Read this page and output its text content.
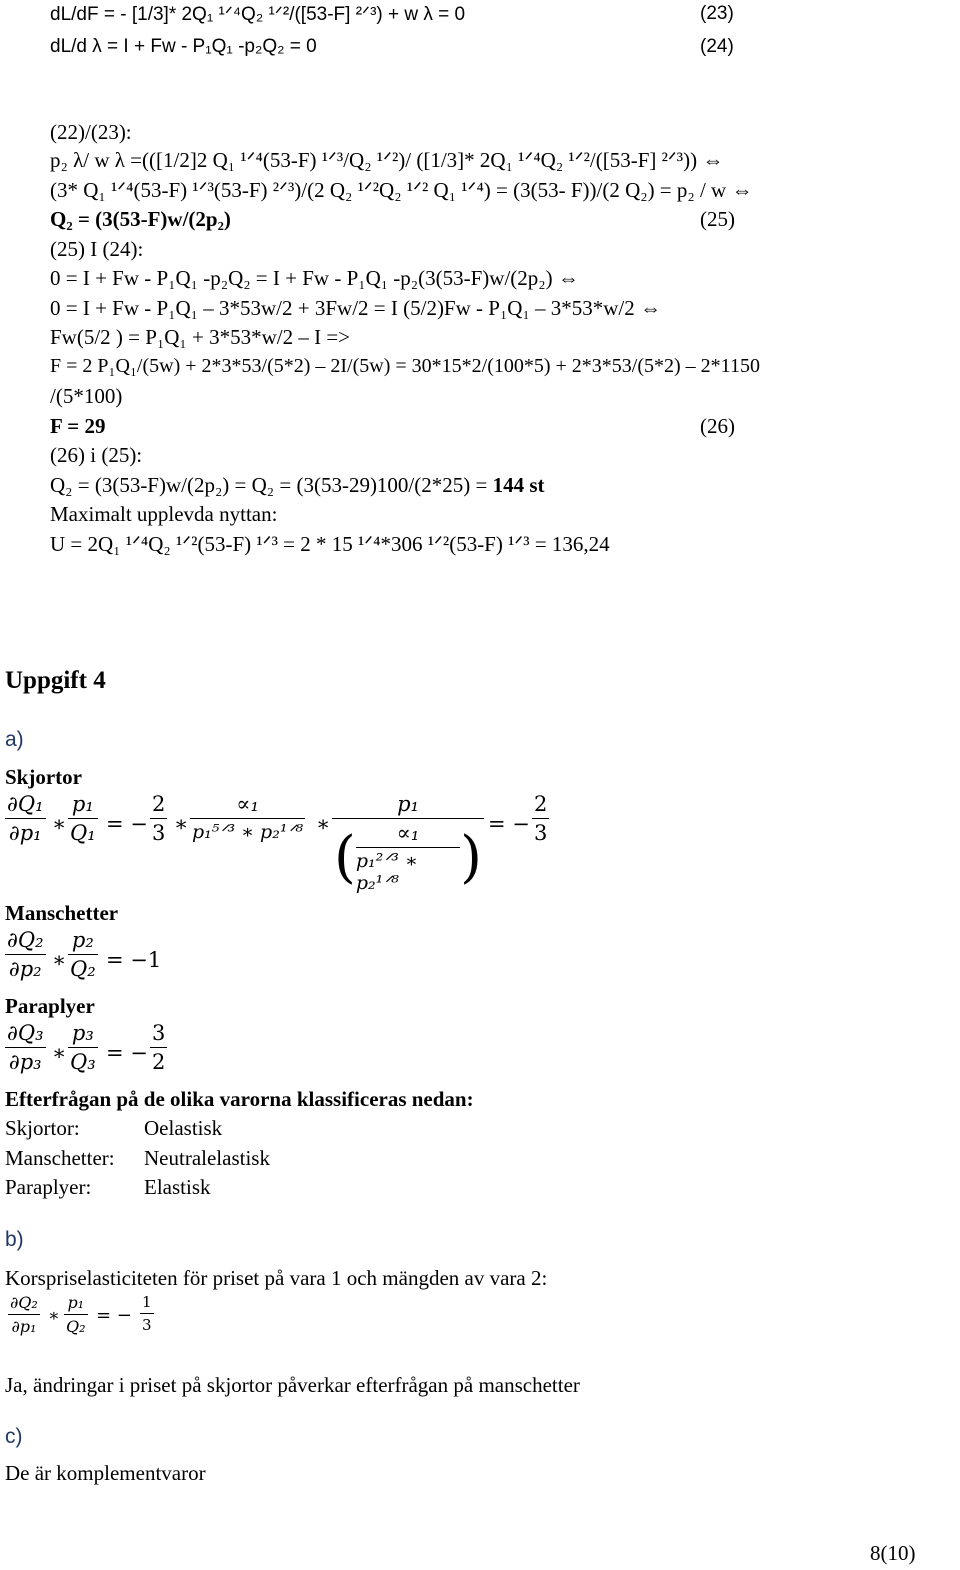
dL/dF = - [1/3]* 2Q₁ ¹ᐟ⁴Q₂ ¹ᐟ²/([53-F] ²ᐟ³) + w λ = 0	(23)
dL/d λ = I + Fw - P₁Q₁ -p₂Q₂ = 0	(24)
(22)/(23):
p₂ λ/ w λ =(([1/2]2 Q₁ ¹ᐟ⁴(53-F) ¹ᐟ³/Q₂ ¹ᐟ²)/ ([1/3]* 2Q₁ ¹ᐟ⁴Q₂ ¹ᐟ²/([53-F] ²ᐟ³)) ⇔
(3* Q₁ ¹ᐟ⁴(53-F) ¹ᐟ³(53-F) ²ᐟ³)/(2 Q₂ ¹ᐟ²Q₂ ¹ᐟ² Q₁ ¹ᐟ⁴) = (3(53- F))/(2 Q₂) = p₂ / w ⇔
Q₂ = (3(53-F)w/(2p₂)	(25)
(25) I (24):
0 = I + Fw - P₁Q₁ -p₂Q₂ = I + Fw - P₁Q₁ -p₂(3(53-F)w/(2p₂) ⇔
0 = I + Fw - P₁Q₁ – 3*53w/2 + 3Fw/2 = I (5/2)Fw - P₁Q₁ – 3*53*w/2 ⇔
Fw(5/2 ) = P₁Q₁ + 3*53*w/2 – I =>
F = 2 P₁Q₁/(5w) + 2*3*53/(5*2) – 2I/(5w) = 30*15*2/(100*5) + 2*3*53/(5*2) – 2*1150
/(5*100)
F = 29	(26)
(26) i (25):
Q₂ = (3(53-F)w/(2p₂) = Q₂ = (3(53-29)100/(2*25) = 144 st
Maximalt upplevda nyttan:
U = 2Q₁ ¹ᐟ⁴Q₂ ¹ᐟ²(53-F) ¹ᐟ³ = 2 * 15 ¹ᐟ⁴*306 ¹ᐟ²(53-F) ¹ᐟ³ = 136,24
Uppgift 4
a)
Skjortor
∂Q₁
∂p₁ ∗
p₁
Q₁ = −
2
3 ∗
∝₁
p₁⁵ᐟ³ ∗ p₂¹ᐟ⁸ ∗
p₁
( ∝₁
p₁²ᐟ³ ∗ p₂¹ᐟ⁸	)
= −
2
3
Manschetter
∂Q₂
∂p₂ ∗
p₂
Q₂ = −1
Paraplyer
∂Q₃
∂p₃ ∗
p₃
Q₃ = −
3
2
Efterfrågan på de olika varorna klassificeras nedan:
Skjortor:	Oelastisk
Manschetter: Neutralelastisk
Paraplyer:	Elastisk
b)
Korspriselasticiteten för priset på vara 1 och mängden av vara 2:
∂Q₂
∂p₁
∗
p₁
Q₂
= −
1
3
Ja, ändringar i priset på skjortor påverkar efterfrågan på manschetter
c)
De är komplementvaror
8(10)
